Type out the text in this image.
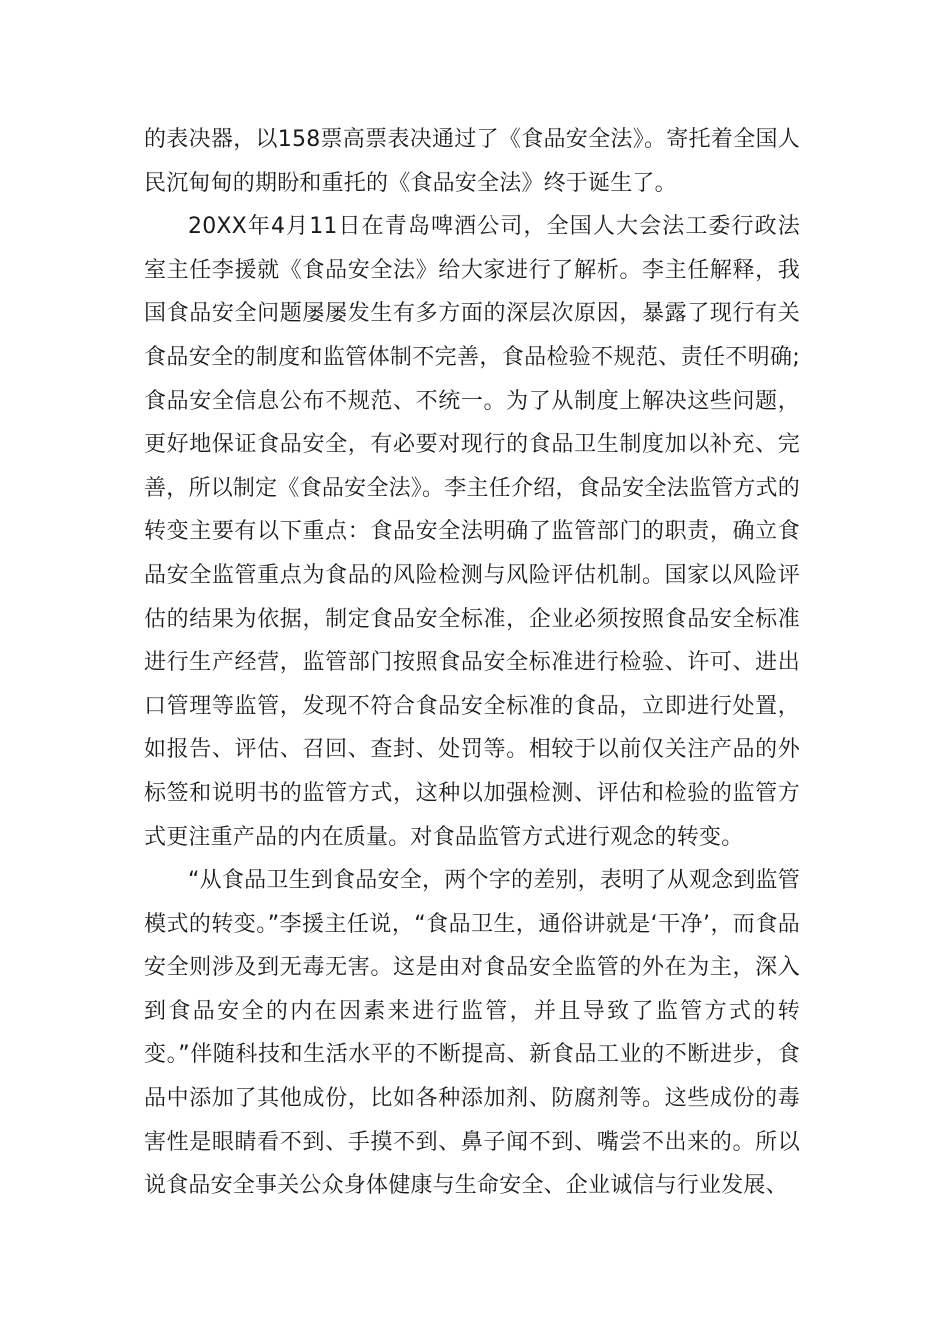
的表决器，以158票高票表决通过了《食品安全法》。寄托着全国人民沉甸甸的期盼和重托的《食品安全法》终于诞生了。

20XX年4月11日在青岛啤酒公司，全国人大会法工委行政法室主任李援就《食品安全法》给大家进行了解析。李主任解释，我国食品安全问题屡屡发生有多方面的深层次原因，暴露了现行有关食品安全的制度和监管体制不完善，食品检验不规范、责任不明确;食品安全信息公布不规范、不统一。为了从制度上解决这些问题，更好地保证食品安全，有必要对现行的食品卫生制度加以补充、完善，所以制定《食品安全法》。李主任介绍，食品安全法监管方式的转变主要有以下重点：食品安全法明确了监管部门的职责，确立食品安全监管重点为食品的风险检测与风险评估机制。国家以风险评估的结果为依据，制定食品安全标准，企业必须按照食品安全标准进行生产经营，监管部门按照食品安全标准进行检验、许可、进出口管理等监管，发现不符合食品安全标准的食品，立即进行处置，如报告、评估、召回、查封、处罚等。相较于以前仅关注产品的外标签和说明书的监管方式，这种以加强检测、评估和检验的监管方式更注重产品的内在质量。对食品监管方式进行观念的转变。

“从食品卫生到食品安全，两个字的差别，表明了从观念到监管模式的转变。”李援主任说，“食品卫生，通俗讲就是‘干净’，而食品安全则涉及到无毒无害。这是由对食品安全监管的外在为主，深入到食品安全的内在因素来进行监管，并且导致了监管方式的转变。”伴随科技和生活水平的不断提高、新食品工业的不断进步，食品中添加了其他成份，比如各种添加剂、防腐剂等。这些成份的毒害性是眼睛看不到、手摸不到、鼻子闻不到、嘴尝不出来的。所以说食品安全事关公众身体健康与生命安全、企业诚信与行业发展、
